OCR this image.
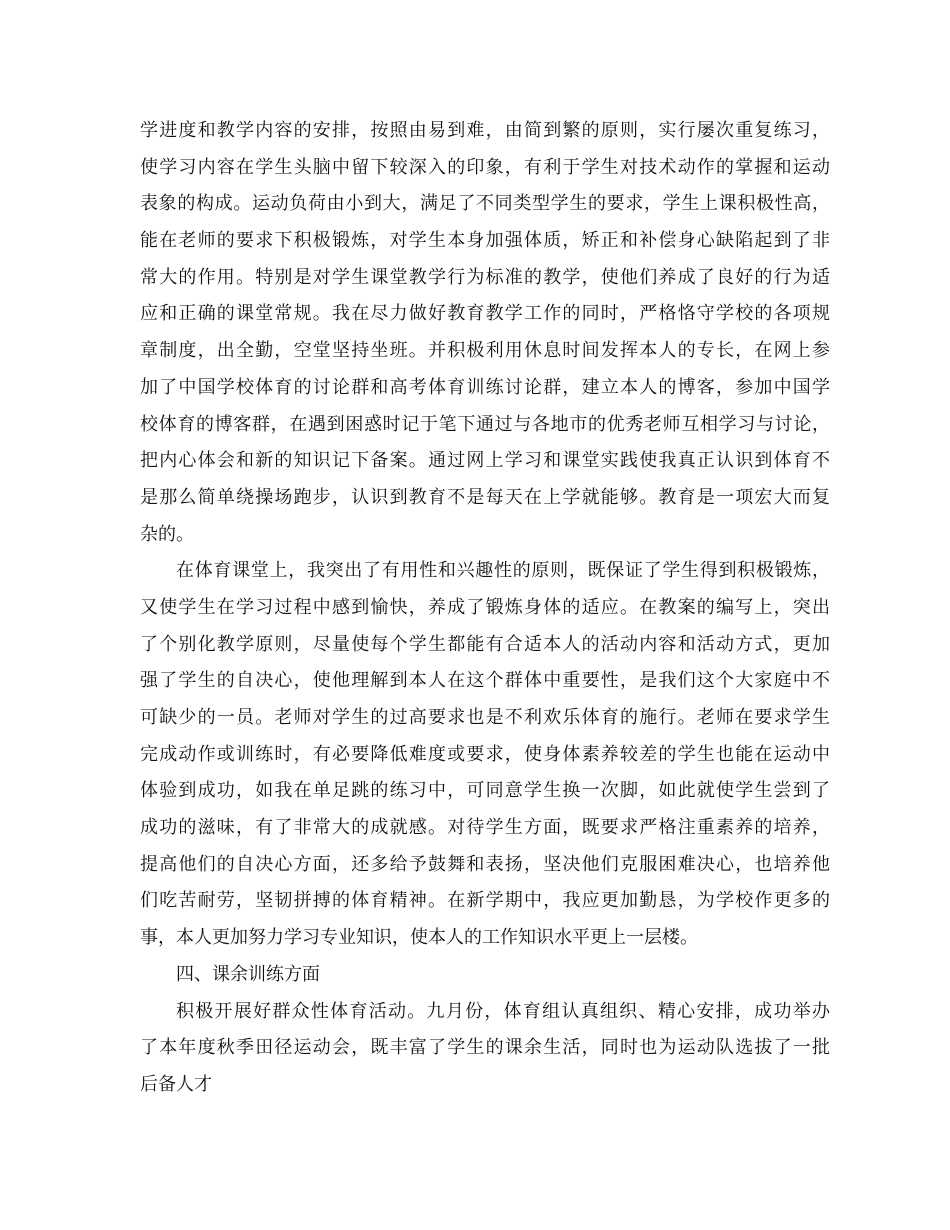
学进度和教学内容的安排，按照由易到难，由简到繁的原则，实行屡次重复练习，
使学习内容在学生头脑中留下较深入的印象，有利于学生对技术动作的掌握和运动
表象的构成。运动负荷由小到大，满足了不同类型学生的要求，学生上课积极性高，
能在老师的要求下积极锻炼，对学生本身加强体质，矫正和补偿身心缺陷起到了非
常大的作用。特别是对学生课堂教学行为标准的教学，使他们养成了良好的行为适
应和正确的课堂常规。我在尽力做好教育教学工作的同时，严格恪守学校的各项规
章制度，出全勤，空堂坚持坐班。并积极利用休息时间发挥本人的专长，在网上参
加了中国学校体育的讨论群和高考体育训练讨论群，建立本人的博客，参加中国学
校体育的博客群，在遇到困惑时记于笔下通过与各地市的优秀老师互相学习与讨论，
把内心体会和新的知识记下备案。通过网上学习和课堂实践使我真正认识到体育不
是那么简单绕操场跑步，认识到教育不是每天在上学就能够。教育是一项宏大而复
杂的。
在体育课堂上，我突出了有用性和兴趣性的原则，既保证了学生得到积极锻炼，
又使学生在学习过程中感到愉快，养成了锻炼身体的适应。在教案的编写上，突出
了个别化教学原则，尽量使每个学生都能有合适本人的活动内容和活动方式，更加
强了学生的自决心，使他理解到本人在这个群体中重要性，是我们这个大家庭中不
可缺少的一员。老师对学生的过高要求也是不利欢乐体育的施行。老师在要求学生
完成动作或训练时，有必要降低难度或要求，使身体素养较差的学生也能在运动中
体验到成功，如我在单足跳的练习中，可同意学生换一次脚，如此就使学生尝到了
成功的滋味，有了非常大的成就感。对待学生方面，既要求严格注重素养的培养，
提高他们的自决心方面，还多给予鼓舞和表扬，坚决他们克服困难决心，也培养他
们吃苦耐劳，坚韧拼搏的体育精神。在新学期中，我应更加勤恳，为学校作更多的
事，本人更加努力学习专业知识，使本人的工作知识水平更上一层楼。
四、课余训练方面
积极开展好群众性体育活动。九月份，体育组认真组织、精心安排，成功举办
了本年度秋季田径运动会，既丰富了学生的课余生活，同时也为运动队选拔了一批
后备人才
